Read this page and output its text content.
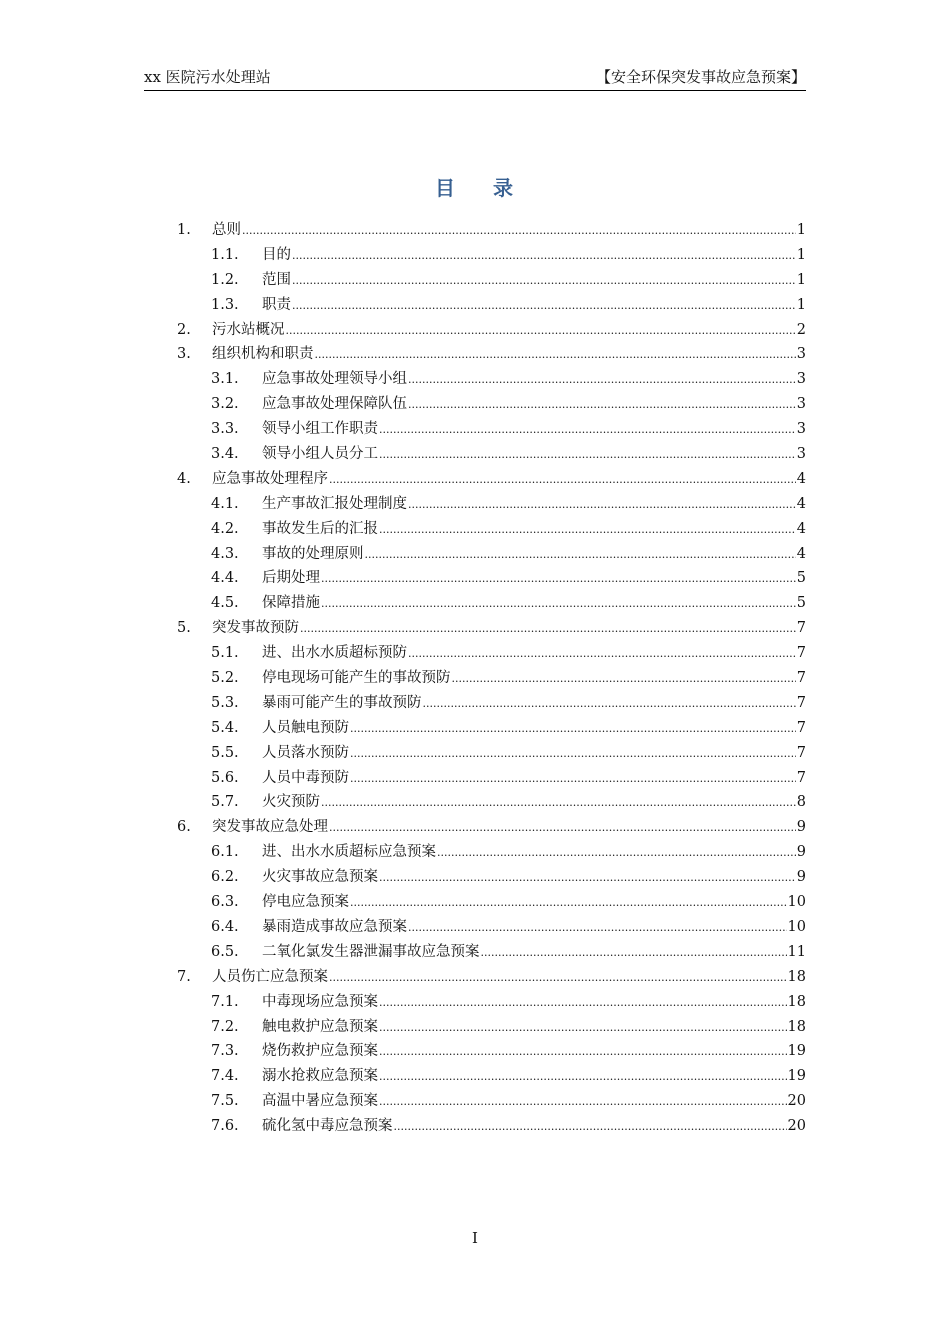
xx 医院污水处理站	【安全环保突发事故应急预案】
目 录
1. 总则 .....	1
1.1. 目的 .....	1
1.2. 范围 .....	1
1.3. 职责 .....	1
2. 污水站概况 .....	2
3. 组织机构和职责 .....	3
3.1. 应急事故处理领导小组 .....	3
3.2. 应急事故处理保障队伍 .....	3
3.3. 领导小组工作职责 .....	3
3.4. 领导小组人员分工 .....	3
4. 应急事故处理程序 .....	4
4.1. 生产事故汇报处理制度 .....	4
4.2. 事故发生后的汇报 .....	4
4.3. 事故的处理原则 .....	4
4.4. 后期处理 .....	5
4.5. 保障措施 .....	5
5. 突发事故预防 .....	7
5.1. 进、出水水质超标预防 .....	7
5.2. 停电现场可能产生的事故预防 .....	7
5.3. 暴雨可能产生的事故预防 .....	7
5.4. 人员触电预防 .....	7
5.5. 人员落水预防 .....	7
5.6. 人员中毒预防 .....	7
5.7. 火灾预防 .....	8
6. 突发事故应急处理 .....	9
6.1. 进、出水水质超标应急预案 .....	9
6.2. 火灾事故应急预案 .....	9
6.3. 停电应急预案 .....	10
6.4. 暴雨造成事故应急预案 .....	10
6.5. 二氧化氯发生器泄漏事故应急预案 .....	11
7. 人员伤亡应急预案 .....	18
7.1. 中毒现场应急预案 .....	18
7.2. 触电救护应急预案 .....	18
7.3. 烧伤救护应急预案 .....	19
7.4. 溺水抢救应急预案 .....	19
7.5. 高温中暑应急预案 .....	20
7.6. 硫化氢中毒应急预案 .....	20
I
